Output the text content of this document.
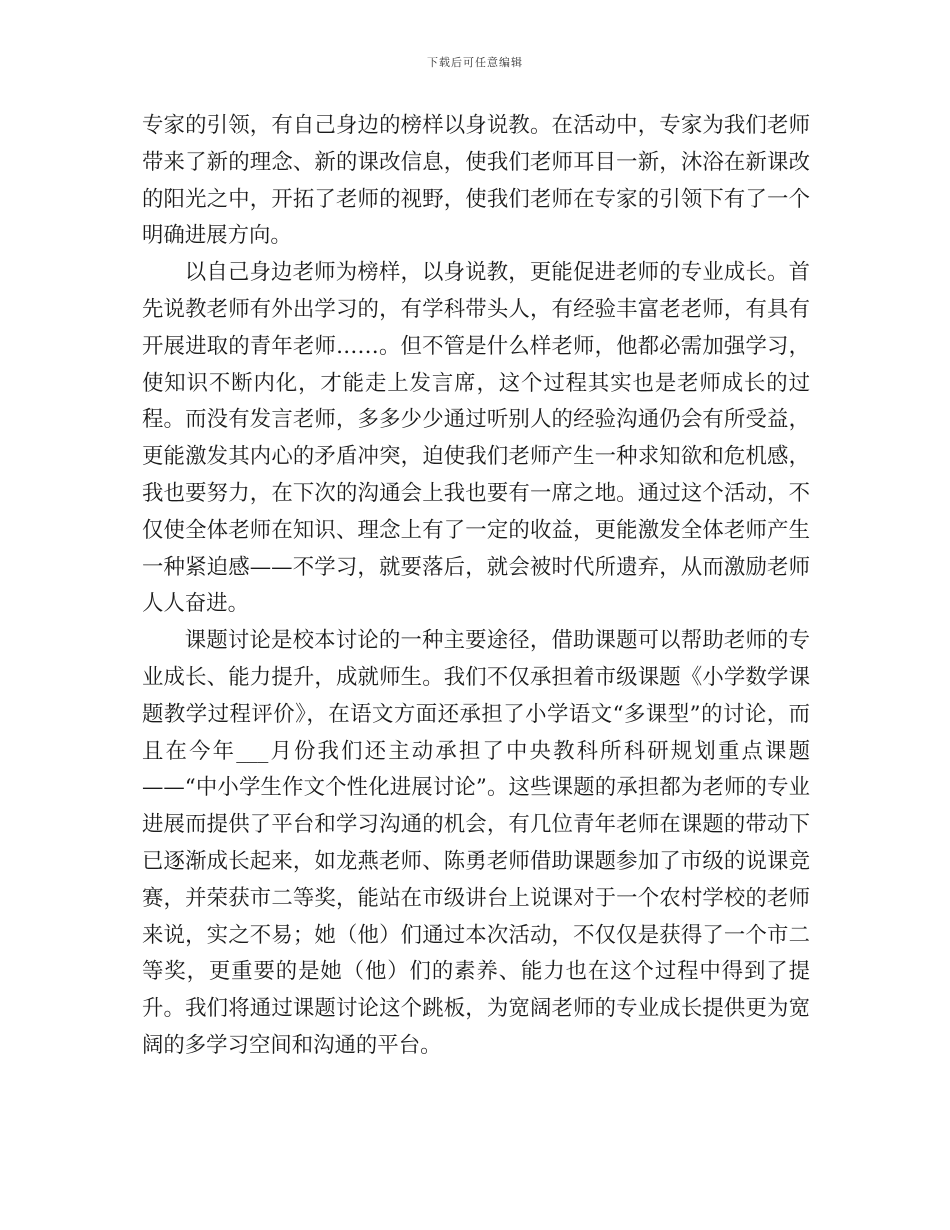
下载后可任意编辑

专家的引领，有自己身边的榜样以身说教。在活动中，专家为我们老师带来了新的理念、新的课改信息，使我们老师耳目一新，沐浴在新课改的阳光之中，开拓了老师的视野，使我们老师在专家的引领下有了一个明确进展方向。

以自己身边老师为榜样，以身说教，更能促进老师的专业成长。首先说教老师有外出学习的，有学科带头人，有经验丰富老老师，有具有开展进取的青年老师……。但不管是什么样老师，他都必需加强学习，使知识不断内化，才能走上发言席，这个过程其实也是老师成长的过程。而没有发言老师，多多少少通过听别人的经验沟通仍会有所受益，更能激发其内心的矛盾冲突，迫使我们老师产生一种求知欲和危机感，我也要努力，在下次的沟通会上我也要有一席之地。通过这个活动，不仅使全体老师在知识、理念上有了一定的收益，更能激发全体老师产生一种紧迫感——不学习，就要落后，就会被时代所遗弃，从而激励老师人人奋进。

课题讨论是校本讨论的一种主要途径，借助课题可以帮助老师的专业成长、能力提升，成就师生。我们不仅承担着市级课题《小学数学课题教学过程评价》，在语文方面还承担了小学语文“多课型”的讨论，而且在今年___月份我们还主动承担了中央教科所科研规划重点课题——“中小学生作文个性化进展讨论”。这些课题的承担都为老师的专业进展而提供了平台和学习沟通的机会，有几位青年老师在课题的带动下已逐渐成长起来，如龙燕老师、陈勇老师借助课题参加了市级的说课竞赛，并荣获市二等奖，能站在市级讲台上说课对于一个农村学校的老师来说，实之不易；她（他）们通过本次活动，不仅仅是获得了一个市二等奖，更重要的是她（他）们的素养、能力也在这个过程中得到了提升。我们将通过课题讨论这个跳板，为宽阔老师的专业成长提供更为宽阔的多学习空间和沟通的平台。
